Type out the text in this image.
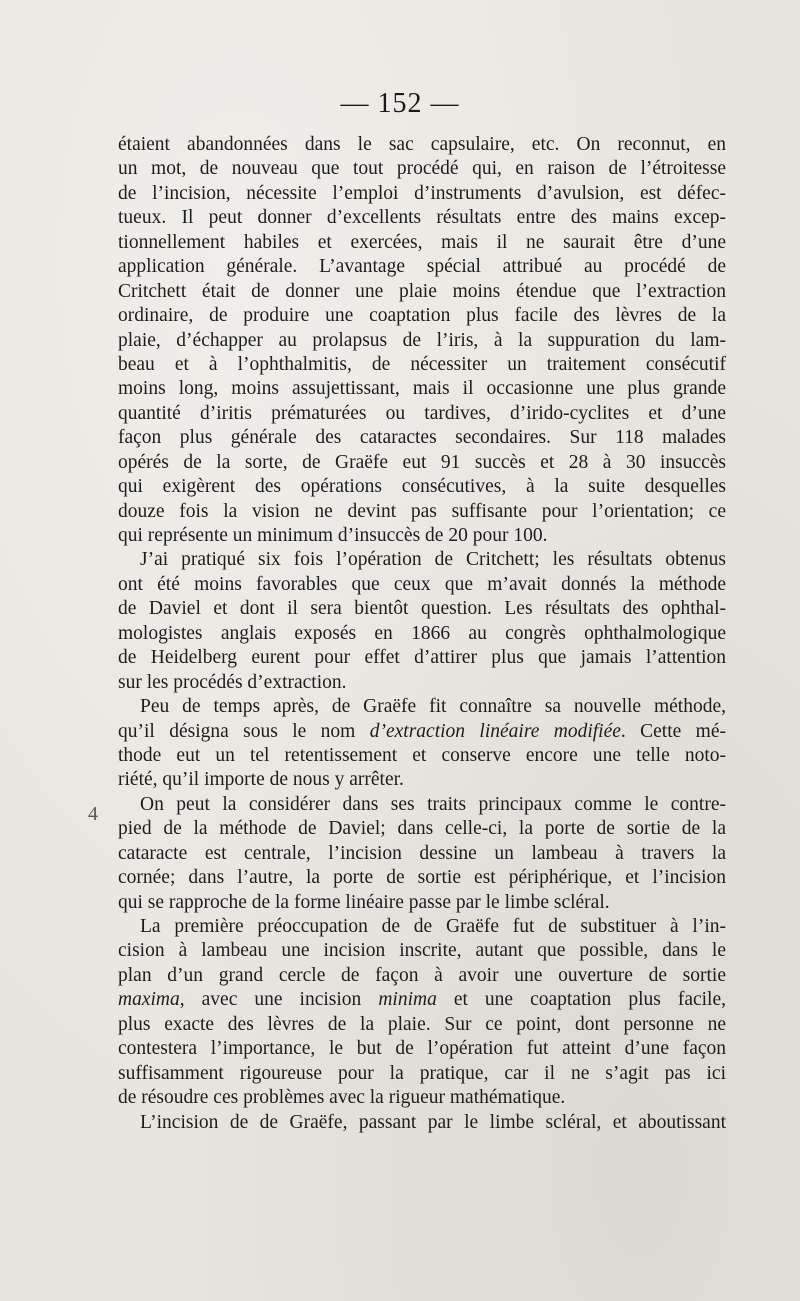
— 152 —
4
étaient abandonnées dans le sac capsulaire, etc. On reconnut, en
un mot, de nouveau que tout procédé qui, en raison de l’étroitesse
de l’incision, nécessite l’emploi d’instruments d’avulsion, est défec-
tueux. Il peut donner d’excellents résultats entre des mains excep-
tionnellement habiles et exercées, mais il ne saurait être d’une
application générale. L’avantage spécial attribué au procédé de
Critchett était de donner une plaie moins étendue que l’extraction
ordinaire, de produire une coaptation plus facile des lèvres de la
plaie, d’échapper au prolapsus de l’iris, à la suppuration du lam-
beau et à l’ophthalmitis, de nécessiter un traitement consécutif
moins long, moins assujettissant, mais il occasionne une plus grande
quantité d’iritis prématurées ou tardives, d’irido-cyclites et d’une
façon plus générale des cataractes secondaires. Sur 118 malades
opérés de la sorte, de Graëfe eut 91 succès et 28 à 30 insuccès
qui exigèrent des opérations consécutives, à la suite desquelles
douze fois la vision ne devint pas suffisante pour l’orientation; ce
qui représente un minimum d’insuccès de 20 pour 100.
J’ai pratiqué six fois l’opération de Critchett; les résultats obtenus
ont été moins favorables que ceux que m’avait donnés la méthode
de Daviel et dont il sera bientôt question. Les résultats des ophthal-
mologistes anglais exposés en 1866 au congrès ophthalmologique
de Heidelberg eurent pour effet d’attirer plus que jamais l’attention
sur les procédés d’extraction.
Peu de temps après, de Graëfe fit connaître sa nouvelle méthode,
qu’il désigna sous le nom d’extraction linéaire modifiée. Cette mé-
thode eut un tel retentissement et conserve encore une telle noto-
riété, qu’il importe de nous y arrêter.
On peut la considérer dans ses traits principaux comme le contre-
pied de la méthode de Daviel; dans celle-ci, la porte de sortie de la
cataracte est centrale, l’incision dessine un lambeau à travers la
cornée; dans l’autre, la porte de sortie est périphérique, et l’incision
qui se rapproche de la forme linéaire passe par le limbe scléral.
La première préoccupation de de Graëfe fut de substituer à l’in-
cision à lambeau une incision inscrite, autant que possible, dans le
plan d’un grand cercle de façon à avoir une ouverture de sortie
maxima, avec une incision minima et une coaptation plus facile,
plus exacte des lèvres de la plaie. Sur ce point, dont personne ne
contestera l’importance, le but de l’opération fut atteint d’une façon
suffisamment rigoureuse pour la pratique, car il ne s’agit pas ici
de résoudre ces problèmes avec la rigueur mathématique.
L’incision de de Graëfe, passant par le limbe scléral, et aboutissant
